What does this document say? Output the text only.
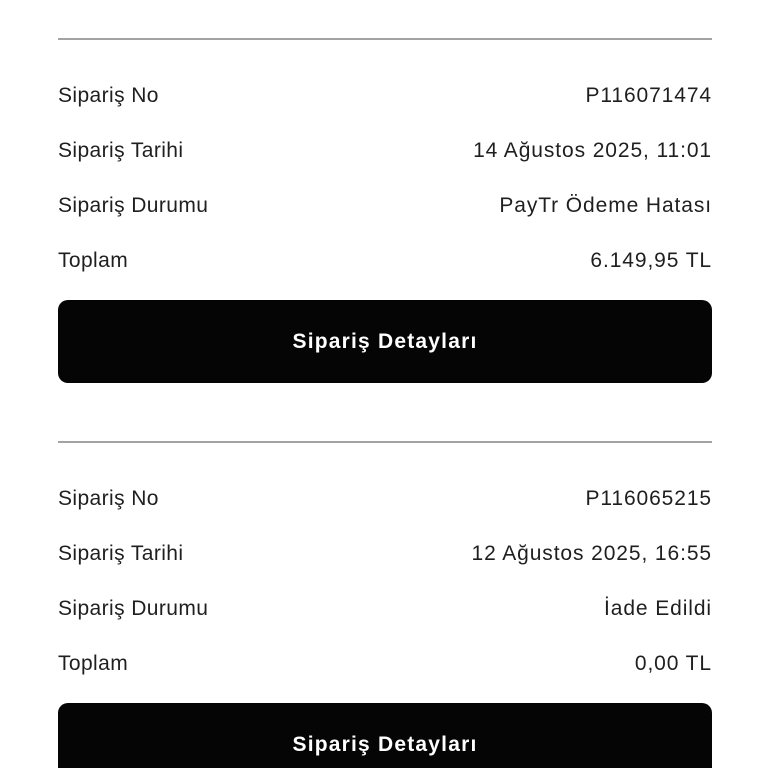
Sipariş No	P116071474
Sipariş Tarihi	14 Ağustos 2025, 11:01
Sipariş Durumu	PayTr Ödeme Hatası
Toplam	6.149,95 TL
Sipariş Detayları
Sipariş No	P116065215
Sipariş Tarihi	12 Ağustos 2025, 16:55
Sipariş Durumu	İade Edildi
Toplam	0,00 TL
Sipariş Detayları
